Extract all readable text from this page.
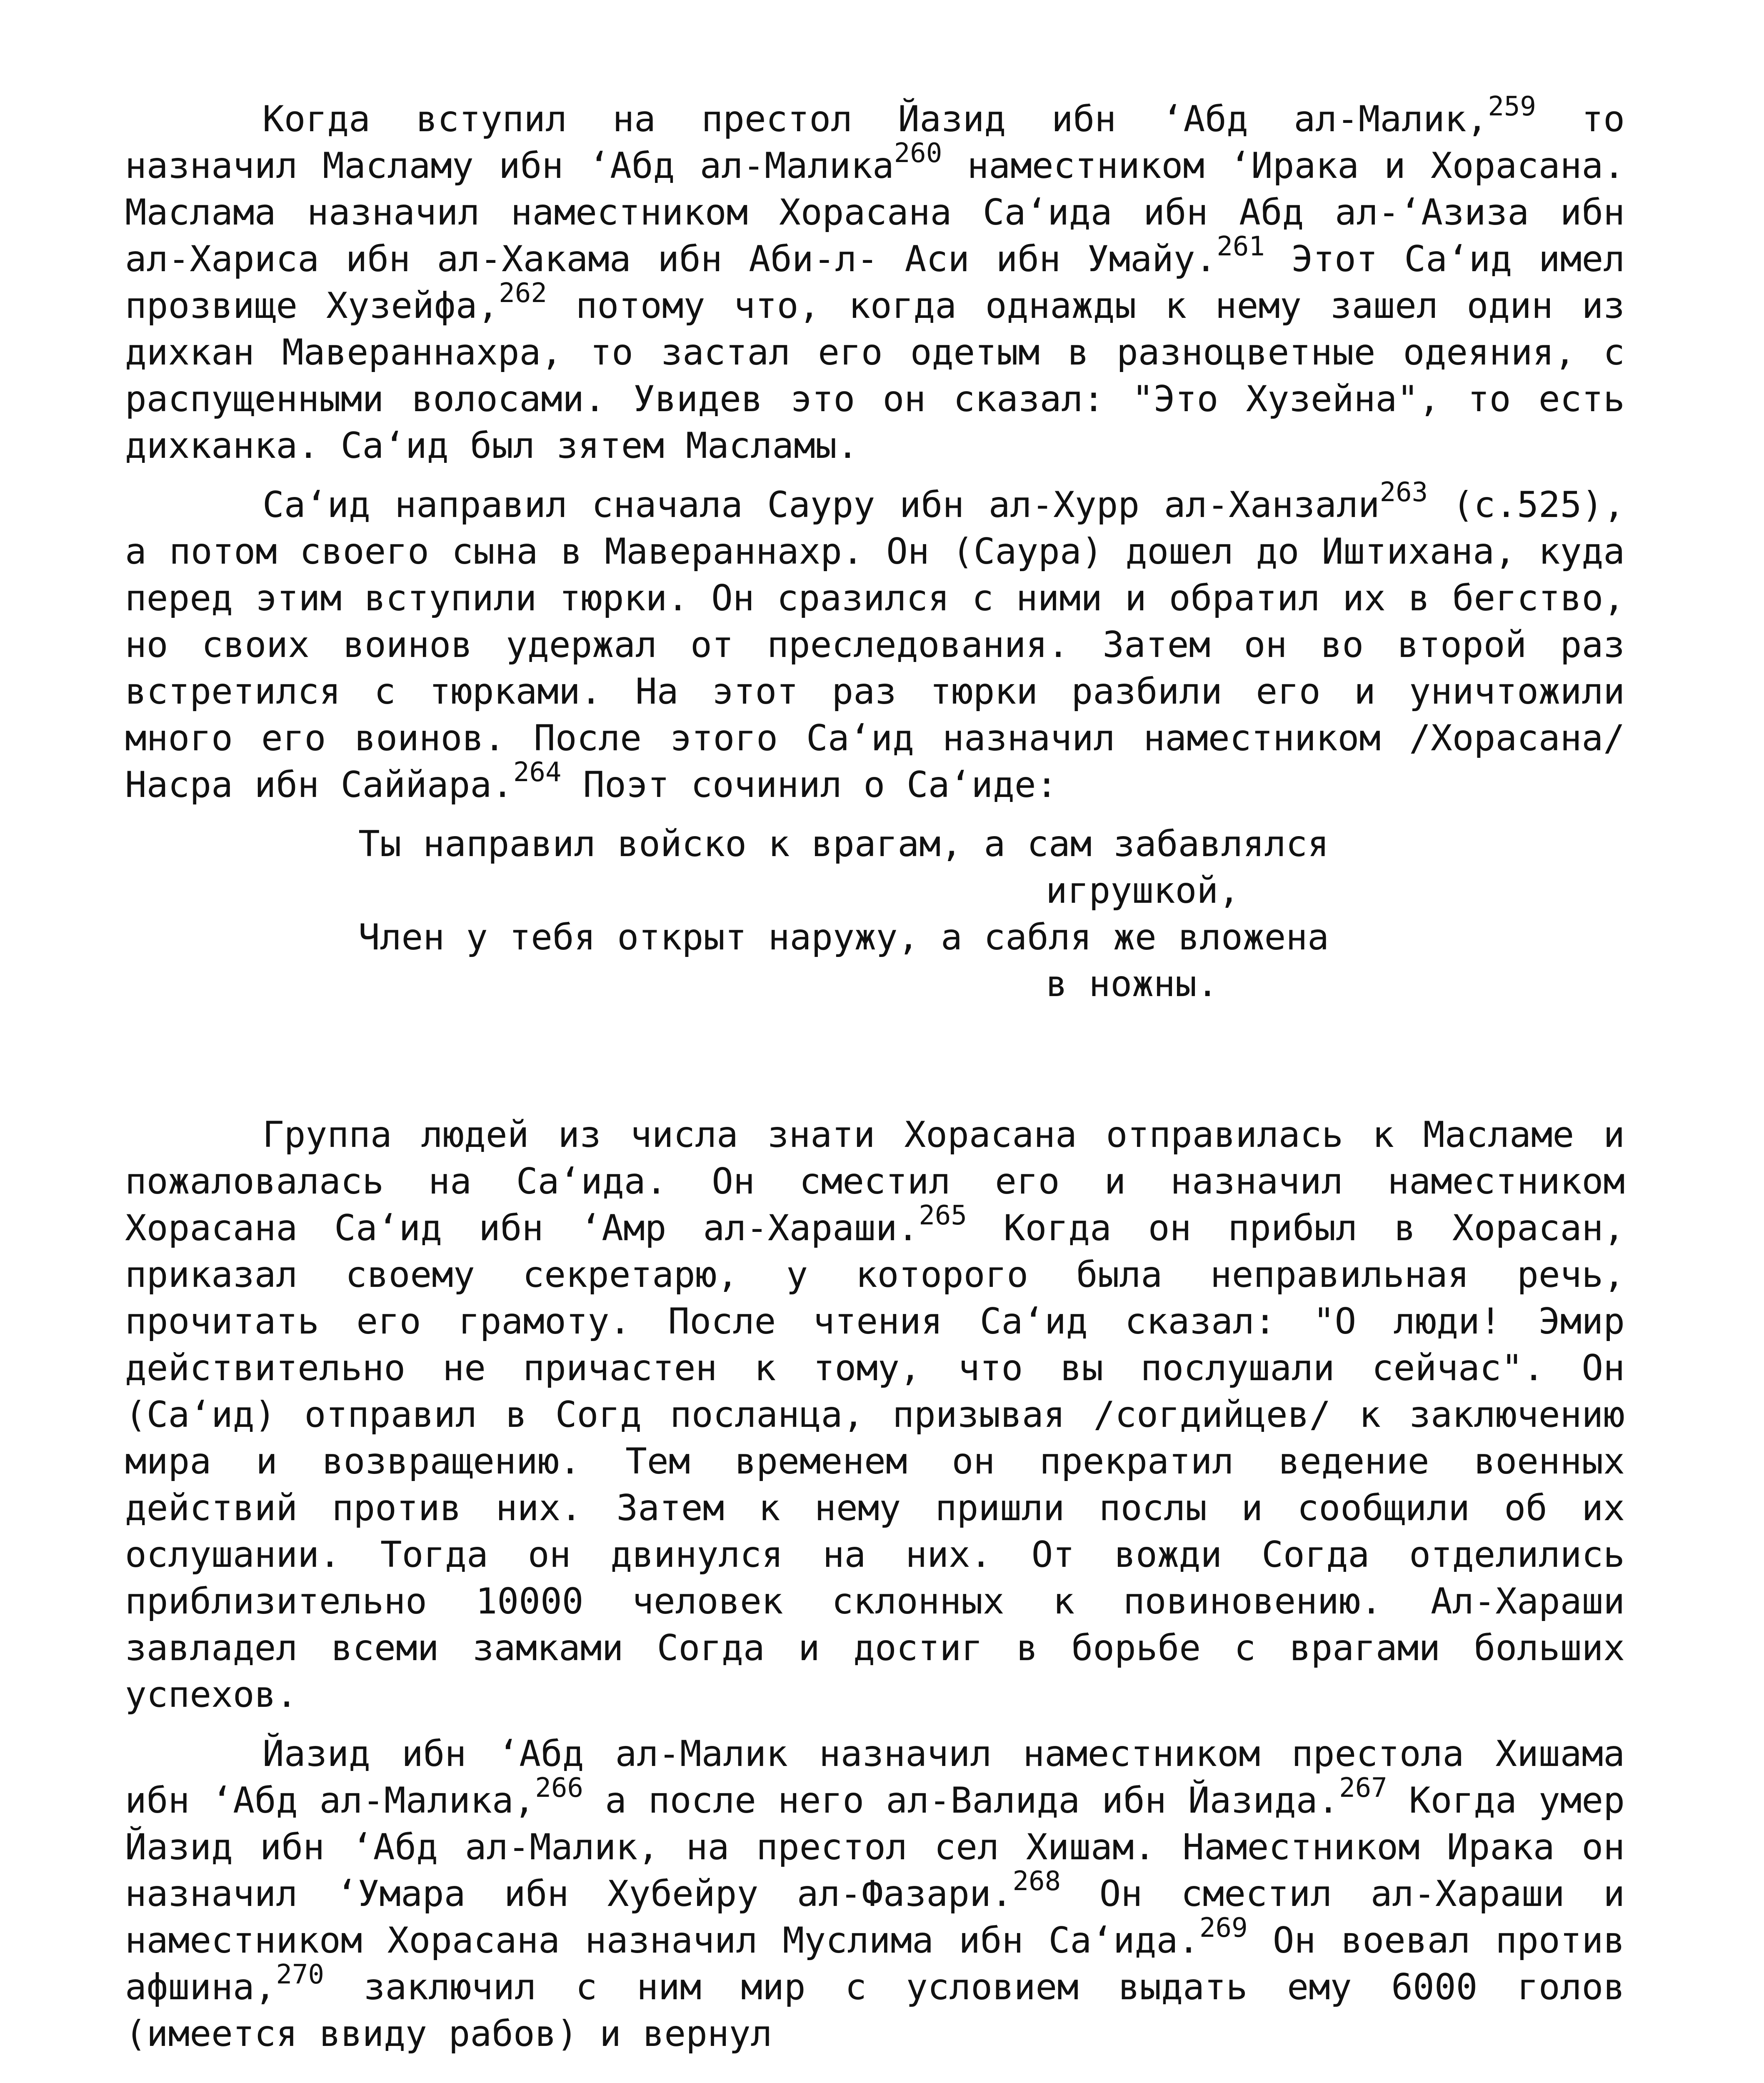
Когда вступил на престол Йазид ибн ʻАбд ал-Малик,$^{259}$ то назначил Масламу ибн ʻАбд ал-Малика$^{260}$ наместником ʻИрака и Хорасана. Маслама назначил наместником Хорасана Саʻида ибн Абд ал-ʻАзиза ибн ал-Хариса ибн ал-Хакама ибн Аби-л- Аси ибн Умайу.$^{261}$ Этот Саʻид имел прозвище Хузейфа,$^{262}$ потому что, когда однажды к нему зашел один из дихкан Мавераннахра, то застал его одетым в разноцветные одеяния, с распущенными волосами. Увидев это он сказал: "Это Хузейна", то есть дихканка. Саʻид был зятем Масламы.

Саʻид направил сначала Сауру ибн ал-Хурр ал-Ханзали$^{263}$ (с.525), а потом своего сына в Мавераннахр. Он (Саура) дошел до Иштихана, куда перед этим вступили тюрки. Он сразился с ними и обратил их в бегство, но своих воинов удержал от преследования. Затем он во второй раз встретился с тюрками. На этот раз тюрки разбили его и уничтожили много его воинов. После этого Саʻид назначил наместником /Хорасана/ Насра ибн Саййара.$^{264}$ Поэт сочинил о Саʻиде:

Ты направил войско к врагам, а сам забавлялся
игрушкой,
Член у тебя открыт наружу, а сабля же вложена
в ножны.

Группа людей из числа знати Хорасана отправилась к Масламе и пожаловалась на Саʻида. Он сместил его и назначил наместником Хорасана Саʻид ибн ʻАмр ал-Хараши.$^{265}$ Когда он прибыл в Хорасан, приказал своему секретарю, у которого была неправильная речь, прочитать его грамоту. После чтения Саʻид сказал: "О люди! Эмир действительно не причастен к тому, что вы послушали сейчас". Он (Саʻид) отправил в Согд посланца, призывая /согдийцев/ к заключению мира и возвращению. Тем временем он прекратил ведение военных действий против них. Затем к нему пришли послы и сообщили об их ослушании. Тогда он двинулся на них. От вожди Согда отделились приблизительно 10000 человек склонных к повиновению. Ал-Хараши завладел всеми замками Согда и достиг в борьбе с врагами больших успехов.

Йазид ибн ʻАбд ал-Малик назначил наместником престола Хишама ибн ʻАбд ал-Малика,$^{266}$ а после него ал-Валида ибн Йазида.$^{267}$ Когда умер Йазид ибн ʻАбд ал-Малик, на престол сел Хишам. Наместником Ирака он назначил ʻУмара ибн Хубейру ал-Фазари.$^{268}$ Он сместил ал-Хараши и наместником Хорасана назначил Муслима ибн Саʻида.$^{269}$ Он воевал против афшина,$^{270}$ заключил с ним мир с условием выдать ему 6000 голов (имеется ввиду рабов) и вернул
